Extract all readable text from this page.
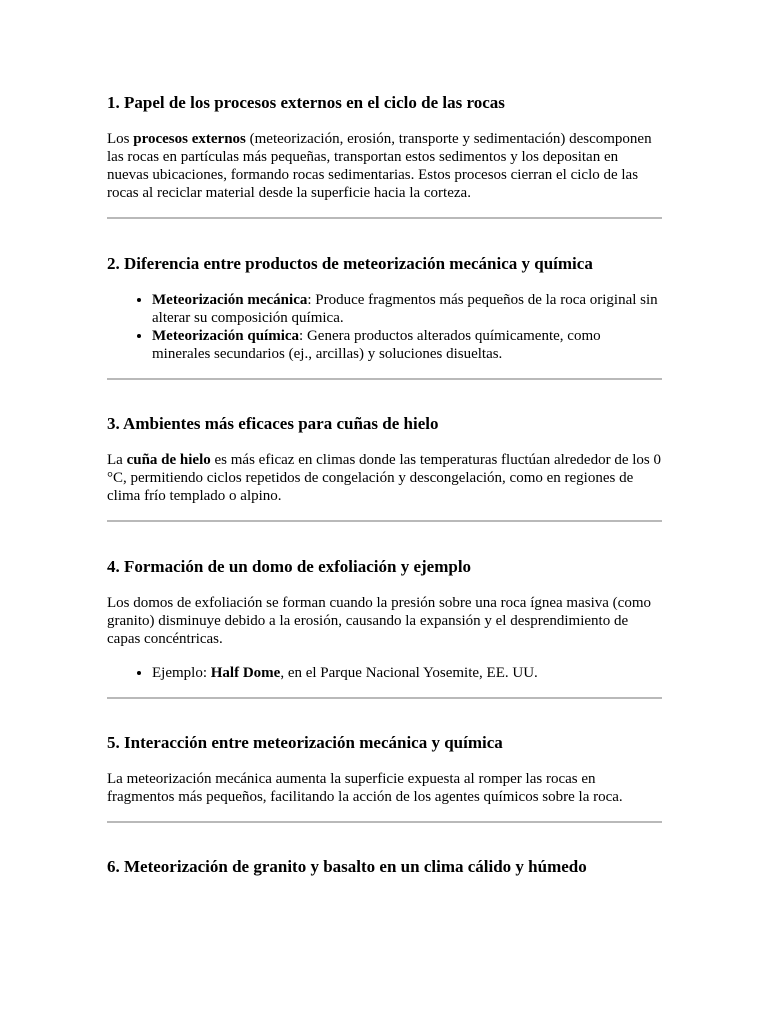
1. Papel de los procesos externos en el ciclo de las rocas

Los procesos externos (meteorización, erosión, transporte y sedimentación) descomponen las rocas en partículas más pequeñas, transportan estos sedimentos y los depositan en nuevas ubicaciones, formando rocas sedimentarias. Estos procesos cierran el ciclo de las rocas al reciclar material desde la superficie hacia la corteza.

2. Diferencia entre productos de meteorización mecánica y química
• Meteorización mecánica: Produce fragmentos más pequeños de la roca original sin alterar su composición química.
• Meteorización química: Genera productos alterados químicamente, como minerales secundarios (ej., arcillas) y soluciones disueltas.
3. Ambientes más eficaces para cuñas de hielo

La cuña de hielo es más eficaz en climas donde las temperaturas fluctúan alrededor de los 0 °C, permitiendo ciclos repetidos de congelación y descongelación, como en regiones de clima frío templado o alpino.

4. Formación de un domo de exfoliación y ejemplo

Los domos de exfoliación se forman cuando la presión sobre una roca ígnea masiva (como granito) disminuye debido a la erosión, causando la expansión y el desprendimiento de capas concéntricas.

• Ejemplo: Half Dome, en el Parque Nacional Yosemite, EE. UU.
5. Interacción entre meteorización mecánica y química

La meteorización mecánica aumenta la superficie expuesta al romper las rocas en fragmentos más pequeños, facilitando la acción de los agentes químicos sobre la roca.

6. Meteorización de granito y basalto en un clima cálido y húmedo
